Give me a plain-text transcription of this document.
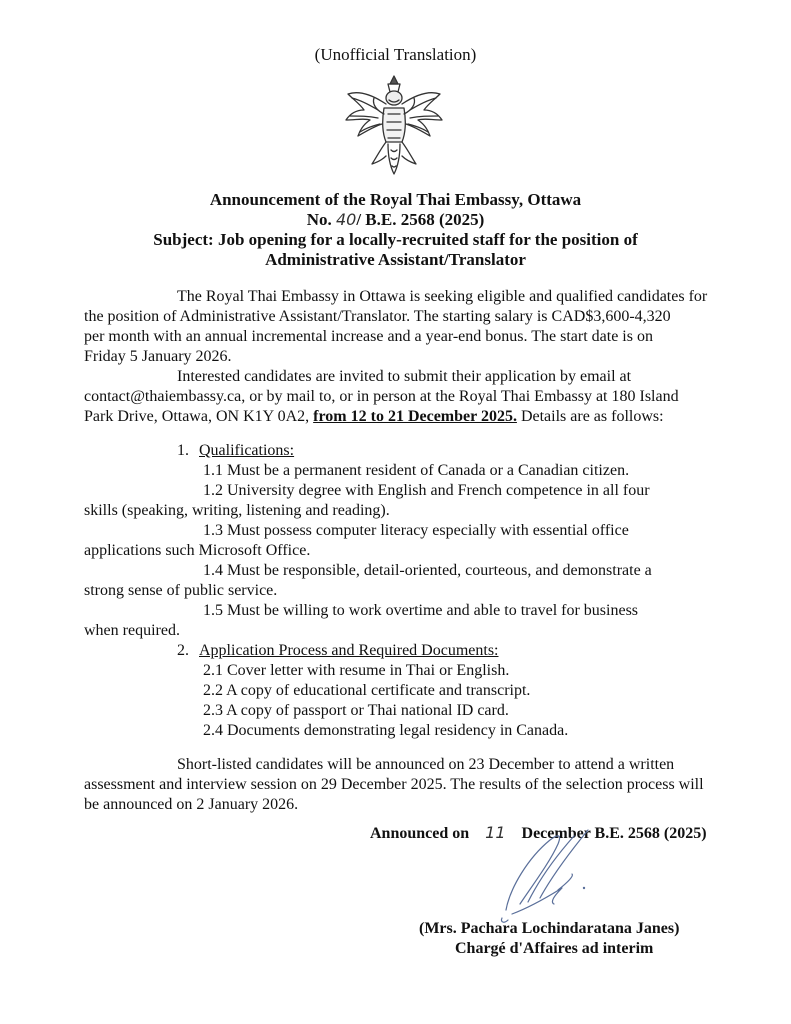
(Unofficial Translation)
Announcement of the Royal Thai Embassy, Ottawa
No. 40/ B.E. 2568 (2025)
Subject: Job opening for a locally-recruited staff for the position of
Administrative Assistant/Translator
The Royal Thai Embassy in Ottawa is seeking eligible and qualified candidates for
the position of Administrative Assistant/Translator. The starting salary is CAD$3,600-4,320
per month with an annual incremental increase and a year-end bonus. The start date is on
Friday 5 January 2026.
Interested candidates are invited to submit their application by email at
contact@thaiembassy.ca, or by mail to, or in person at the Royal Thai Embassy at 180 Island
Park Drive, Ottawa, ON K1Y 0A2, from 12 to 21 December 2025. Details are as follows:
1. Qualifications:
1.1 Must be a permanent resident of Canada or a Canadian citizen.
1.2 University degree with English and French competence in all four
skills (speaking, writing, listening and reading).
1.3 Must possess computer literacy especially with essential office
applications such Microsoft Office.
1.4 Must be responsible, detail-oriented, courteous, and demonstrate a
strong sense of public service.
1.5 Must be willing to work overtime and able to travel for business
when required.
2. Application Process and Required Documents:
2.1 Cover letter with resume in Thai or English.
2.2 A copy of educational certificate and transcript.
2.3 A copy of passport or Thai national ID card.
2.4 Documents demonstrating legal residency in Canada.
Short-listed candidates will be announced on 23 December to attend a written
assessment and interview session on 29 December 2025. The results of the selection process will
be announced on 2 January 2026.
Announced on 11 December B.E. 2568 (2025)
(Mrs. Pachara Lochindaratana Janes)
Chargé d'Affaires ad interim
